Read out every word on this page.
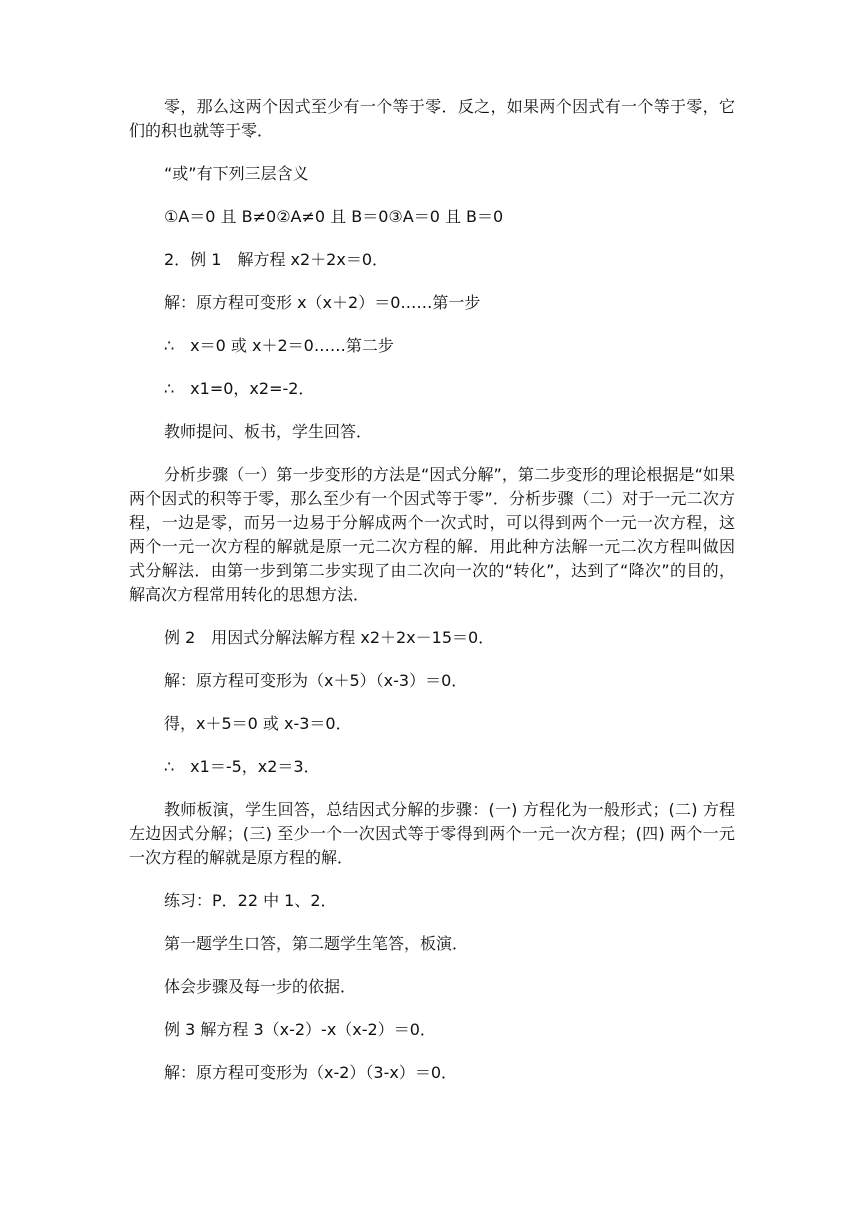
零，那么这两个因式至少有一个等于零．反之，如果两个因式有一个等于零，它们的积也就等于零．

“或”有下列三层含义

①A＝0 且 B≠0②A≠0 且 B＝0③A＝0 且 B＝0

2．例 1　解方程 x2＋2x＝0．

解：原方程可变形 x（x＋2）＝0……第一步

∴　x＝0 或 x＋2＝0……第二步

∴　x1=0，x2=-2．

教师提问、板书，学生回答．

分析步骤（一）第一步变形的方法是“因式分解”，第二步变形的理论根据是“如果两个因式的积等于零，那么至少有一个因式等于零”．分析步骤（二）对于一元二次方程，一边是零，而另一边易于分解成两个一次式时，可以得到两个一元一次方程，这两个一元一次方程的解就是原一元二次方程的解．用此种方法解一元二次方程叫做因式分解法．由第一步到第二步实现了由二次向一次的“转化”，达到了“降次”的目的，解高次方程常用转化的思想方法．

例 2　用因式分解法解方程 x2＋2x－15＝0．

解：原方程可变形为（x＋5）（x-3）＝0．

得，x＋5＝0 或 x-3＝0．

∴　x1＝-5，x2＝3．

教师板演，学生回答，总结因式分解的步骤：(一) 方程化为一般形式；(二) 方程左边因式分解；(三) 至少一个一次因式等于零得到两个一元一次方程；(四) 两个一元一次方程的解就是原方程的解．

练习：P．22 中 1、2．

第一题学生口答，第二题学生笔答，板演．

体会步骤及每一步的依据．

例 3 解方程 3（x-2）-x（x-2）＝0．

解：原方程可变形为（x-2）（3-x）＝0．
